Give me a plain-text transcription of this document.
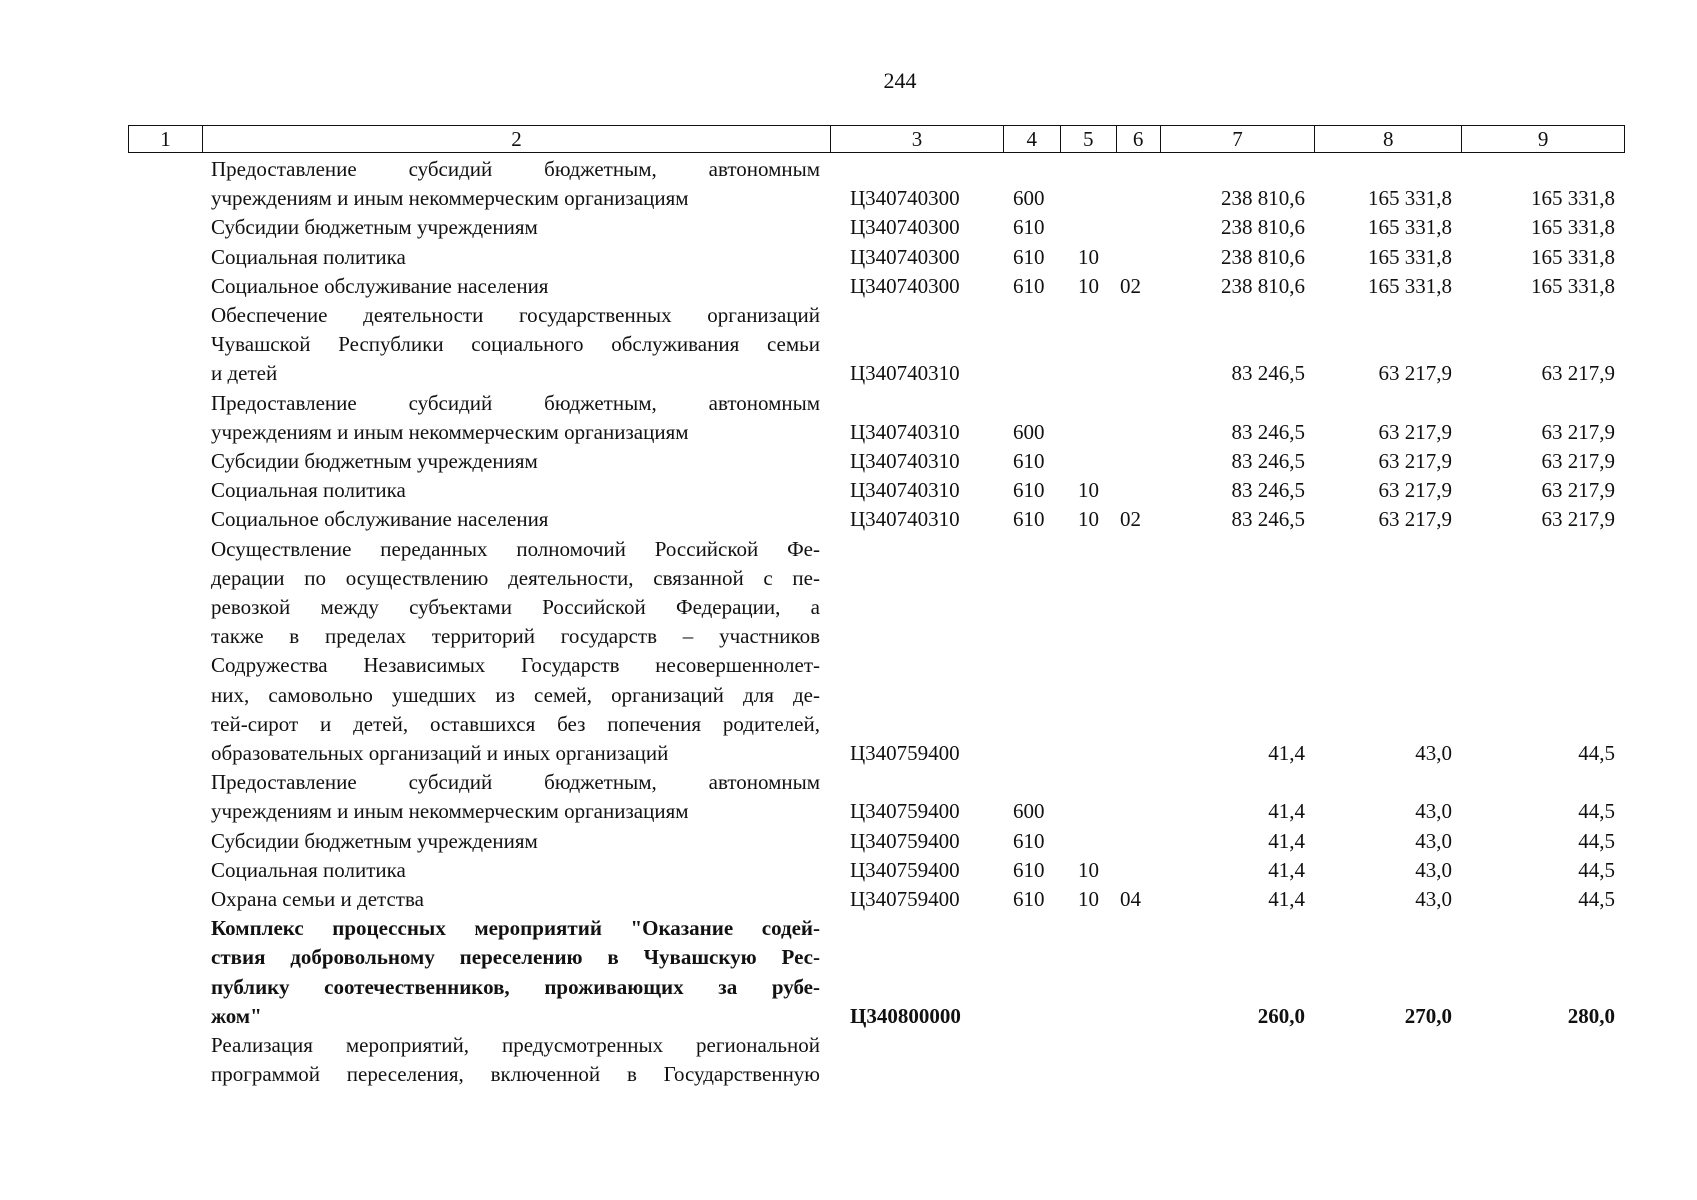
244
1	2	3	4	5	6	7	8	9
Предоставление субсидий бюджетным, автономным
учреждениям и иным некоммерческим организациям	Ц340740300	600	238 810,6	165 331,8	165 331,8
Субсидии бюджетным учреждениям	Ц340740300	610	238 810,6	165 331,8	165 331,8
Социальная политика	Ц340740300	610	10	238 810,6	165 331,8	165 331,8
Социальное обслуживание населения	Ц340740300	610	10	02	238 810,6	165 331,8	165 331,8
Обеспечение деятельности государственных организаций
Чувашской Республики социального обслуживания семьи
и детей	Ц340740310	83 246,5	63 217,9	63 217,9
Предоставление субсидий бюджетным, автономным
учреждениям и иным некоммерческим организациям	Ц340740310	600	83 246,5	63 217,9	63 217,9
Субсидии бюджетным учреждениям	Ц340740310	610	83 246,5	63 217,9	63 217,9
Социальная политика	Ц340740310	610	10	83 246,5	63 217,9	63 217,9
Социальное обслуживание населения	Ц340740310	610	10	02	83 246,5	63 217,9	63 217,9
Осуществление переданных полномочий Российской Фе-
дерации по осуществлению деятельности, связанной с пе-
ревозкой между субъектами Российской Федерации, а
также в пределах территорий государств – участников
Содружества Независимых Государств несовершеннолет-
них, самовольно ушедших из семей, организаций для де-
тей-сирот и детей, оставшихся без попечения родителей,
образовательных организаций и иных организаций	Ц340759400	41,4	43,0	44,5
Предоставление субсидий бюджетным, автономным
учреждениям и иным некоммерческим организациям	Ц340759400	600	41,4	43,0	44,5
Субсидии бюджетным учреждениям	Ц340759400	610	41,4	43,0	44,5
Социальная политика	Ц340759400	610	10	41,4	43,0	44,5
Охрана семьи и детства	Ц340759400	610	10	04	41,4	43,0	44,5
Комплекс процессных мероприятий "Оказание содей-
ствия добровольному переселению в Чувашскую Рес-
публику соотечественников, проживающих за рубе-
жом"	Ц340800000	260,0	270,0	280,0
Реализация мероприятий, предусмотренных региональной
программой переселения, включенной в Государственную
